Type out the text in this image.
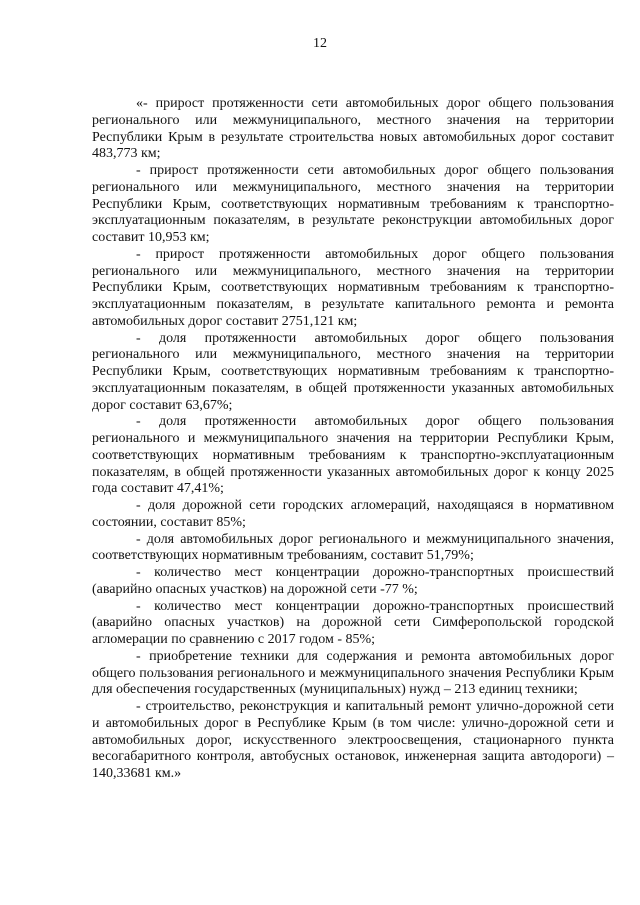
12

«- прирост протяженности сети автомобильных дорог общего пользования регионального или межмуниципального, местного значения на территории Республики Крым в результате строительства новых автомобильных дорог составит 483,773 км;

- прирост протяженности сети автомобильных дорог общего пользования регионального или межмуниципального, местного значения на территории Республики Крым, соответствующих нормативным требованиям к транспортно-эксплуатационным показателям, в результате реконструкции автомобильных дорог составит 10,953 км;

- прирост протяженности автомобильных дорог общего пользования регионального или межмуниципального, местного значения на территории Республики Крым, соответствующих нормативным требованиям к транспортно-эксплуатационным показателям, в результате капитального ремонта и ремонта автомобильных дорог составит 2751,121 км;

- доля протяженности автомобильных дорог общего пользования регионального или межмуниципального, местного значения на территории Республики Крым, соответствующих нормативным требованиям к транспортно-эксплуатационным показателям, в общей протяженности указанных автомобильных дорог составит 63,67%;

- доля протяженности автомобильных дорог общего пользования регионального и межмуниципального значения на территории Республики Крым, соответствующих нормативным требованиям к транспортно-эксплуатационным показателям, в общей протяженности указанных автомобильных дорог к концу 2025 года составит 47,41%;

- доля дорожной сети городских агломераций, находящаяся в нормативном состоянии, составит 85%;

- доля автомобильных дорог регионального и межмуниципального значения, соответствующих нормативным требованиям, составит 51,79%;

- количество мест концентрации дорожно-транспортных происшествий (аварийно опасных участков) на дорожной сети -77 %;

- количество мест концентрации дорожно-транспортных происшествий (аварийно опасных участков) на дорожной сети Симферопольской городской агломерации по сравнению с 2017 годом - 85%;

- приобретение техники для содержания и ремонта автомобильных дорог общего пользования регионального и межмуниципального значения Республики Крым для обеспечения государственных (муниципальных) нужд – 213 единиц техники;

- строительство, реконструкция и капитальный ремонт улично-дорожной сети и автомобильных дорог в Республике Крым (в том числе: улично-дорожной сети и автомобильных дорог, искусственного электроосвещения, стационарного пункта весогабаритного контроля, автобусных остановок, инженерная защита автодороги) – 140,33681 км.»
